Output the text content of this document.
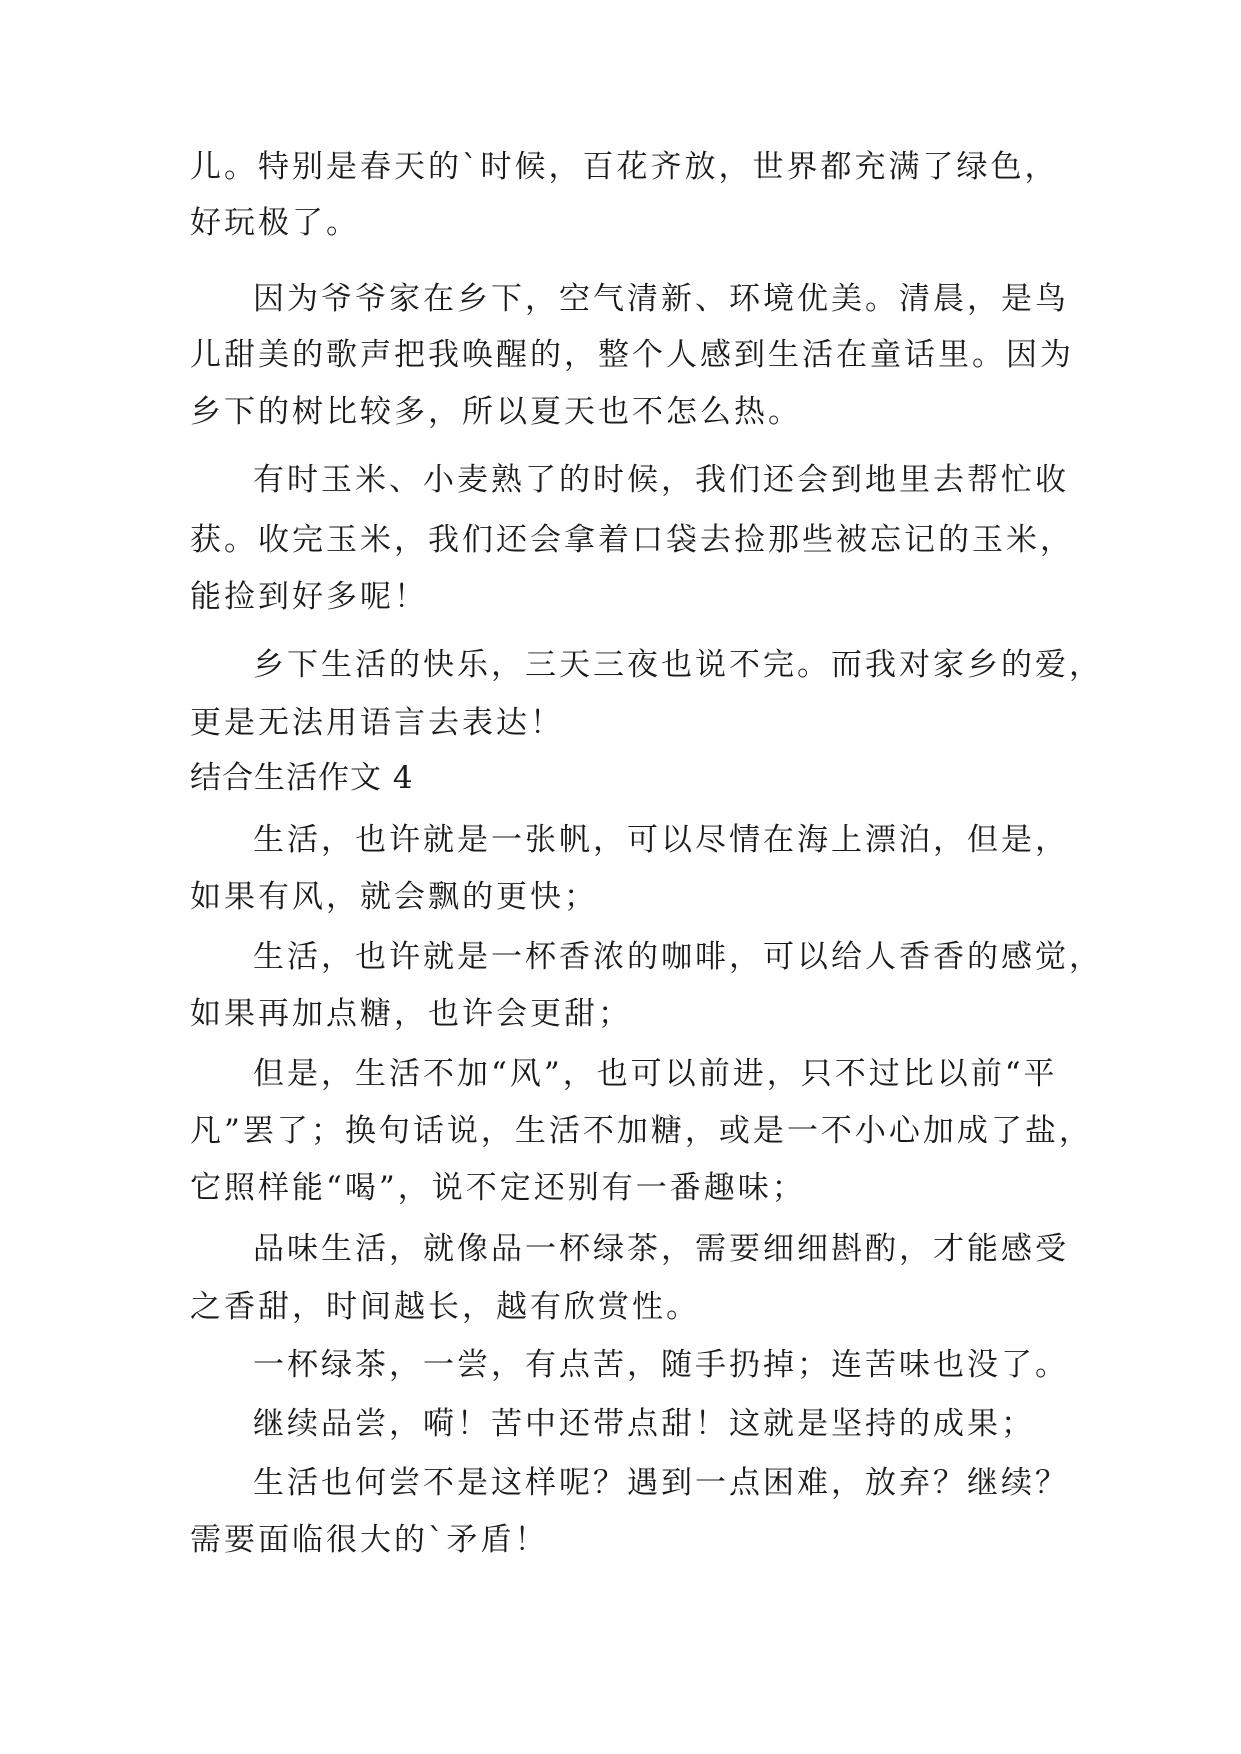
儿。特别是春天的`时候，百花齐放，世界都充满了绿色，
好玩极了。
因为爷爷家在乡下，空气清新、环境优美。清晨，是鸟
儿甜美的歌声把我唤醒的，整个人感到生活在童话里。因为
乡下的树比较多，所以夏天也不怎么热。
有时玉米、小麦熟了的时候，我们还会到地里去帮忙收
获。收完玉米，我们还会拿着口袋去捡那些被忘记的玉米，
能捡到好多呢！
乡下生活的快乐，三天三夜也说不完。而我对家乡的爱，
更是无法用语言去表达！
结合生活作文 4
生活，也许就是一张帆，可以尽情在海上漂泊，但是，
如果有风，就会飘的更快；
生活，也许就是一杯香浓的咖啡，可以给人香香的感觉，
如果再加点糖，也许会更甜；
但是，生活不加“风”，也可以前进，只不过比以前“平
凡”罢了；换句话说，生活不加糖，或是一不小心加成了盐，
它照样能“喝”，说不定还别有一番趣味；
品味生活，就像品一杯绿茶，需要细细斟酌，才能感受
之香甜，时间越长，越有欣赏性。
一杯绿茶，一尝，有点苦，随手扔掉；连苦味也没了。
继续品尝，嗬！苦中还带点甜！这就是坚持的成果；
生活也何尝不是这样呢？遇到一点困难，放弃？继续？
需要面临很大的`矛盾！
